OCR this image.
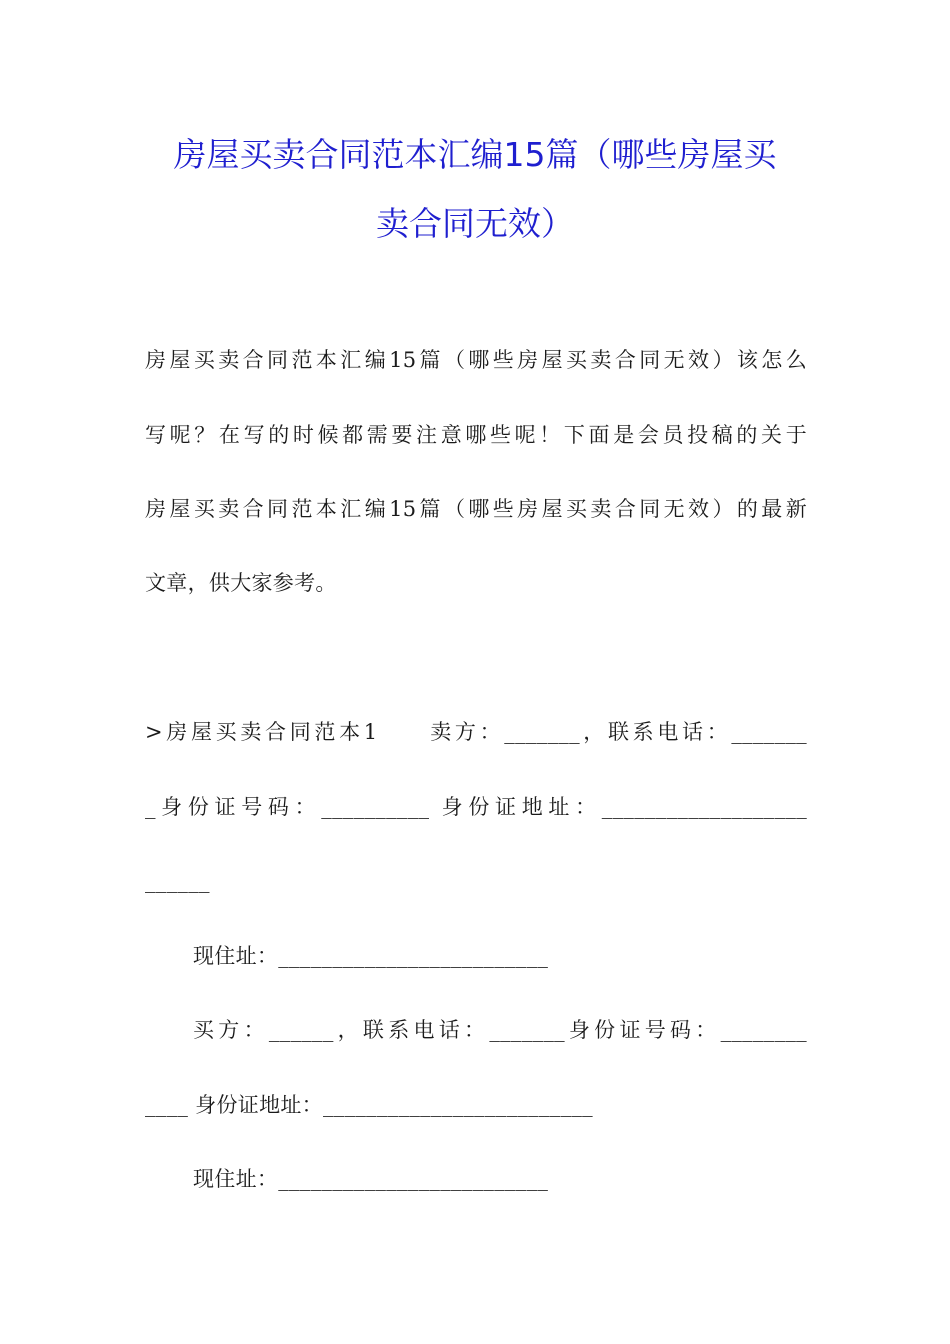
房屋买卖合同范本汇编15篇（哪些房屋买
卖合同无效）
房屋买卖合同范本汇编15篇（哪些房屋买卖合同无效）该怎么
写呢？在写的时候都需要注意哪些呢！下面是会员投稿的关于
房屋买卖合同范本汇编15篇（哪些房屋买卖合同无效）的最新
文章，供大家参考。
>房屋买卖合同范本1　　卖方：_______，联系电话：_______
_身份证号码：__________ 身份证地址：___________________
______
现住址：_________________________
买方：______，联系电话：_______身份证号码：________
____ 身份证地址：_________________________
现住址：_________________________
